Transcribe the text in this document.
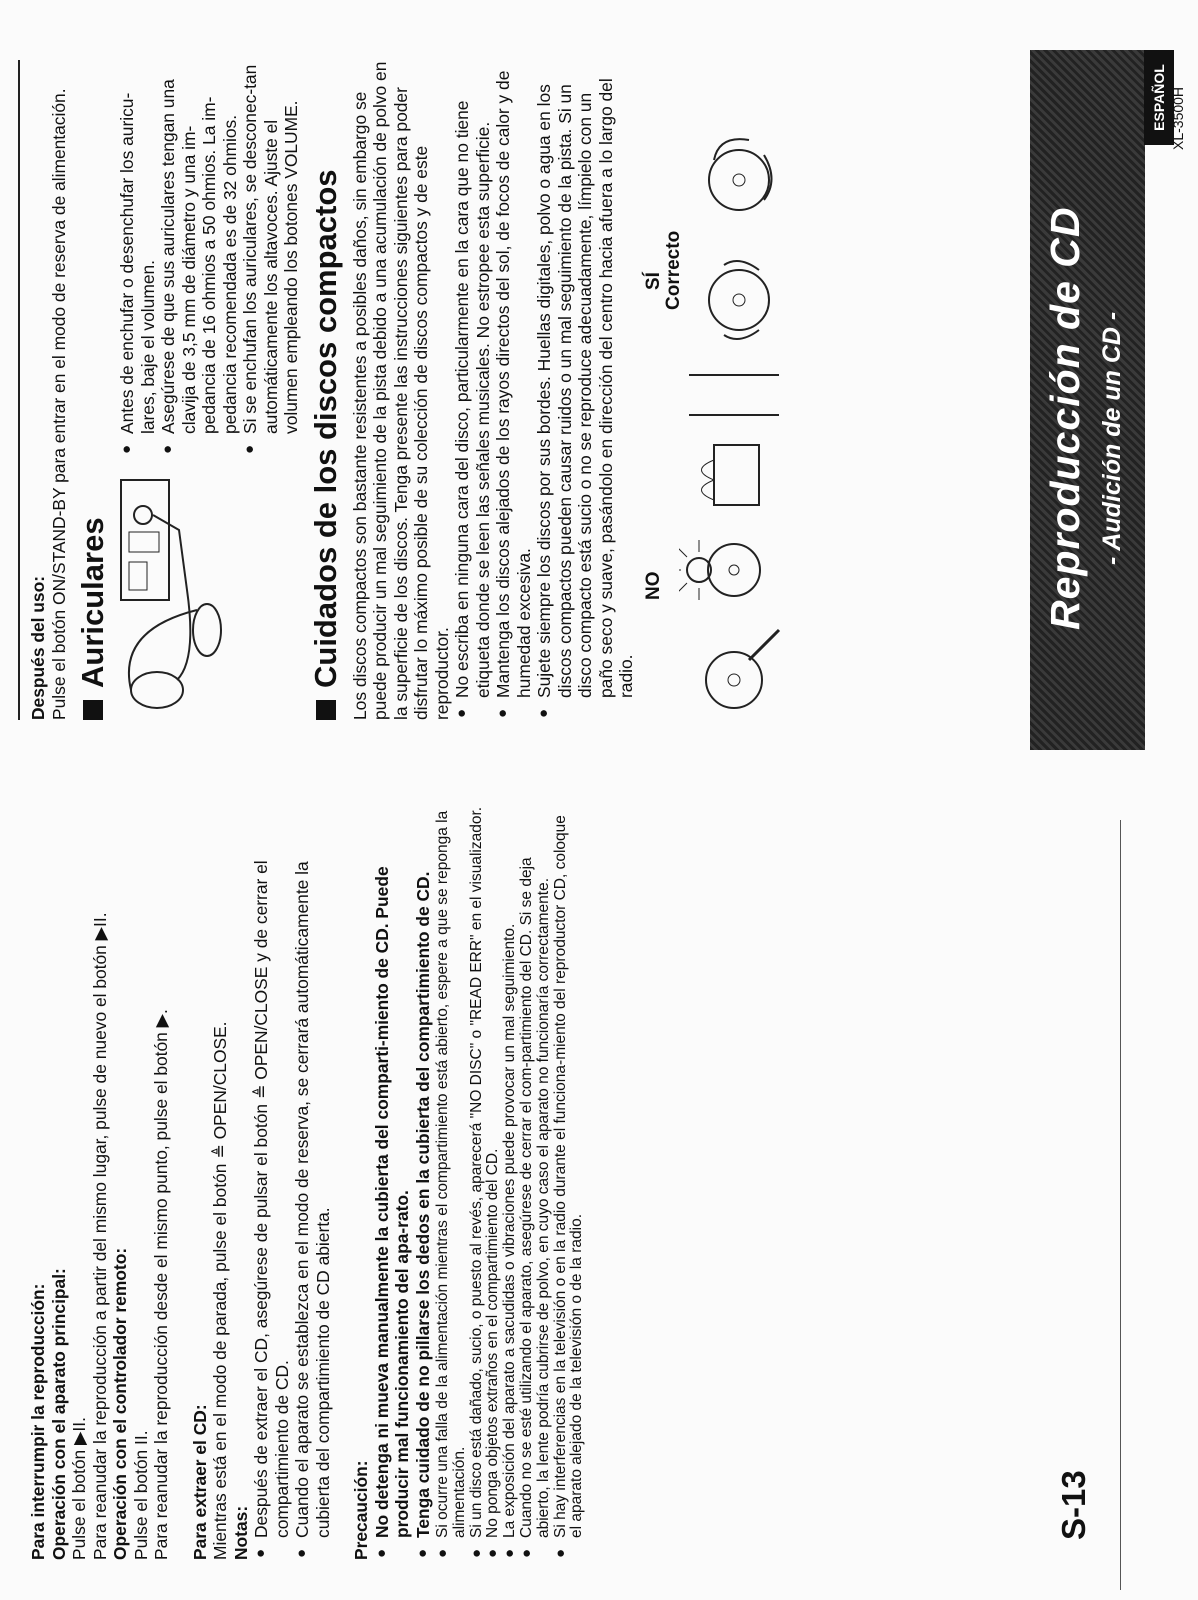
Para interrumpir la reproducción: Operación con el aparato principal: Pulse el botón ▶II. Para reanudar la reproducción a partir del mismo lugar, pulse de nuevo el botón ▶II. Operación con el controlador remoto: Pulse el botón II. Para reanudar la reproducción desde el mismo punto, pulse el botón ▶. Para extraer el CD: Mientras está en el modo de parada, pulse el botón ≜ OPEN/CLOSE. Notas: ● Después de extraer el CD, asegúrese de pulsar el botón ≜ OPEN/CLOSE y de cerrar el compartimiento de CD. ● Cuando el aparato se establezca en el modo de reserva, se cerrará automáticamente la cubierta del compartimiento de CD abierta. Precaución: ● No detenga ni mueva manualmente la cubierta del comparti-miento de CD. Puede producir mal funcionamiento del apa-rato. ● Tenga cuidado de no pillarse los dedos en la cubierta del compartimiento de CD. ● Si ocurre una falla de la alimentación mientras el compartimiento está abierto, espere a que se reponga la alimentación. ● Si un disco está dañado, sucio, o puesto al revés, aparecerá "NO DISC" o "READ ERR" en el visualizador. ● No ponga objetos extraños en el compartimiento del CD. ● La exposición del aparato a sacudidas o vibraciones puede provocar un mal seguimiento. ● Cuando no se esté utilizando el aparato, asegúrese de cerrar el com-partimiento del CD. Si se deja abierto, la lente podría cubrirse de polvo, en cuyo caso el aparato no funcionaría correctamente. ● Si hay interferencias en la televisión o en la radio durante el funciona-miento del reproductor CD, coloque el aparato alejado de la televisión o de la radio.

Después del uso: Pulse el botón ON/STAND-BY para entrar en el modo de reserva de alimentación. Auriculares
● Antes de enchufar o desenchufar los auricu-lares, baje el volumen. ● Asegúrese de que sus auriculares tengan una clavija de 3,5 mm de diámetro y una im-pedancia de 16 ohmios a 50 ohmios. La im-pedancia recomendada es de 32 ohmios. ● Si se enchufan los auriculares, se desconec-tan automáticamente los altavoces. Ajuste el volumen empleando los botones VOLUME. Cuidados de los discos compactos Los discos compactos son bastante resistentes a posibles daños, sin embargo se puede producir un mal seguimiento de la pista debido a una acumulación de polvo en la superficie de los discos. Tenga presente las instrucciones siguientes para poder disfrutar lo máximo posible de su colección de discos compactos y de este reproductor. ● No escriba en ninguna cara del disco, particularmente en la cara que no tiene etiqueta donde se leen las señales musicales. No estropee esta superficie. ● Mantenga los discos alejados de los rayos directos del sol, de focos de calor y de humedad excesiva. ● Sujete siempre los discos por sus bordes. Huellas digitales, polvo o agua en los discos compactos pueden causar ruidos o un mal seguimiento de la pista. Si un disco compacto está sucio o no se reproduce adecuadamente, límpielo con un paño seco y suave, pasándolo en dirección del centro hacia afuera a lo largo del radio.
NO
SÍ Correcto	Reproducción de CD - Audición de un CD -
ESPAÑOL XL-3500H
S-13
